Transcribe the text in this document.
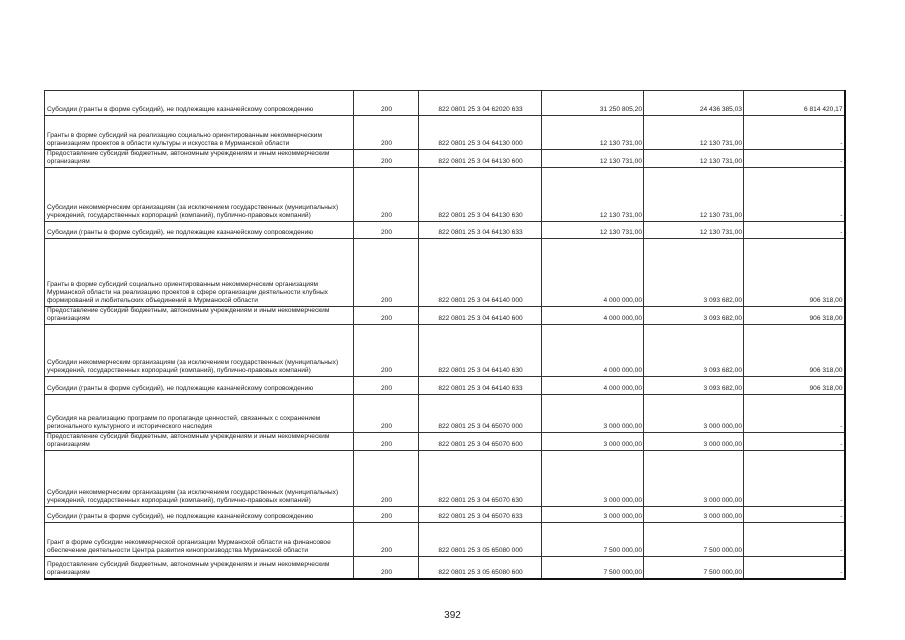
Субсидии (гранты в форме субсидий), не подлежащие казначейскому сопровождению	200	822 0801 25 3 04 62020 633	31 250 805,20	24 436 385,03	6 814 420,17
Гранты в форме субсидий на реализацию социально ориентированным некоммерческим организациям проектов в области культуры и искусства в Мурманской области	200	822 0801 25 3 04 64130 000	12 130 731,00	12 130 731,00	-
Предоставление субсидий бюджетным, автономным учреждениям и иным некоммерческим организациям	200	822 0801 25 3 04 64130 600	12 130 731,00	12 130 731,00	-
Субсидии некоммерческим организациям (за исключением государственных (муниципальных) учреждений, государственных корпораций (компаний), публично-правовых компаний)	200	822 0801 25 3 04 64130 630	12 130 731,00	12 130 731,00	-
Субсидии (гранты в форме субсидий), не подлежащие казначейскому сопровождению	200	822 0801 25 3 04 64130 633	12 130 731,00	12 130 731,00	-
Гранты в форме субсидий социально ориентированным некоммерческим организациям Мурманской области на реализацию проектов в сфере организации деятельности клубных формирований и любительских объединений в Мурманской области	200	822 0801 25 3 04 64140 000	4 000 000,00	3 093 682,00	906 318,00
Предоставление субсидий бюджетным, автономным учреждениям и иным некоммерческим организациям	200	822 0801 25 3 04 64140 600	4 000 000,00	3 093 682,00	906 318,00
Субсидии некоммерческим организациям (за исключением государственных (муниципальных) учреждений, государственных корпораций (компаний), публично-правовых компаний)	200	822 0801 25 3 04 64140 630	4 000 000,00	3 093 682,00	906 318,00
Субсидии (гранты в форме субсидий), не подлежащие казначейскому сопровождению	200	822 0801 25 3 04 64140 633	4 000 000,00	3 093 682,00	906 318,00
Субсидия на реализацию программ по пропаганде ценностей, связанных с сохранением регионального культурного и исторического наследия	200	822 0801 25 3 04 65070 000	3 000 000,00	3 000 000,00	-
Предоставление субсидий бюджетным, автономным учреждениям и иным некоммерческим организациям	200	822 0801 25 3 04 65070 600	3 000 000,00	3 000 000,00	-
Субсидии некоммерческим организациям (за исключением государственных (муниципальных) учреждений, государственных корпораций (компаний), публично-правовых компаний)	200	822 0801 25 3 04 65070 630	3 000 000,00	3 000 000,00	-
Субсидии (гранты в форме субсидий), не подлежащие казначейскому сопровождению	200	822 0801 25 3 04 65070 633	3 000 000,00	3 000 000,00	-
Грант в форме субсидии некоммерческой организации Мурманской области на финансовое обеспечение деятельности Центра развития кинопроизводства Мурманской области	200	822 0801 25 3 05 65080 000	7 500 000,00	7 500 000,00	-
Предоставление субсидий бюджетным, автономным учреждениям и иным некоммерческим организациям	200	822 0801 25 3 05 65080 600	7 500 000,00	7 500 000,00	-
392
